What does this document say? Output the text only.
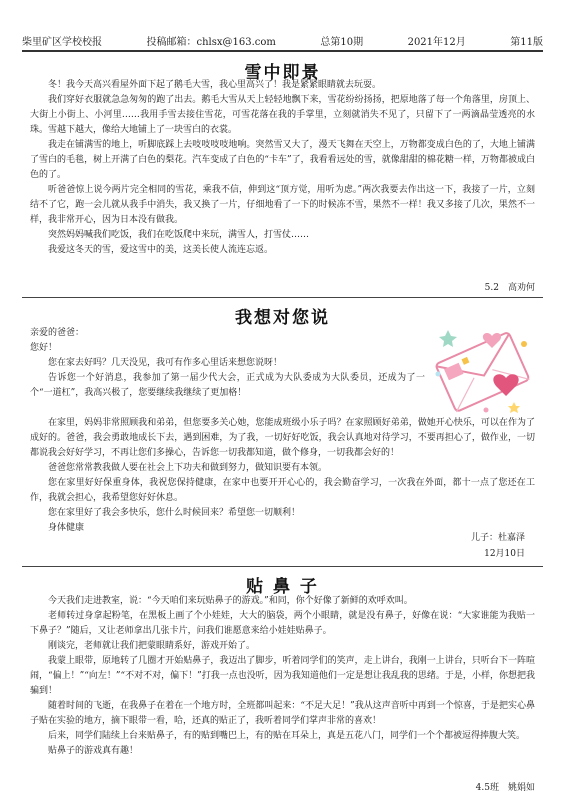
柴里矿区学校校报	投稿邮箱：chlsx@163.com	总第10期	2021年12月	第11版
雪中即景

冬！我今天高兴看屋外面下起了鹅毛大雪，我心里高兴了！我是紧紧眼睛就去玩耍。

我们穿好衣服就急急匆匆的跑了出去。鹅毛大雪从天上轻轻地飘下来，雪花纷纷扬扬，把原地落了每一个角落里，房顶上、大街上小街上、小河里……我用手雪去接住雪花，可雪花落在我的手掌里，立刻就消失不见了，只留下了一两滴晶莹透亮的水珠。雪越下越大，像给大地铺上了一块雪白的衣裳。

我走在铺满雪的地上，听脚底踩上去吱吱吱吱地响。突然雪又大了，漫天飞舞在天空上，万物都变成白色的了，大地上铺满了雪白的毛毯，树上开满了白色的梨花。汽车变成了白色的“卡车”了，我看看远处的雪，就像甜甜的棉花糖一样，万物都被成白色的了。

听爸爸惊上说今两片完全相同的雪花，乘我不信，伸到这“顶方觉，用听为虑。”两次我要去作出这一下，我接了一片，立刻结不了它，跑一会儿就从我手中消失，我又换了一片，仔细地看了一下的时候冻不雪，果然不一样！我又多接了几次，果然不一样，我非常开心，因为日本没有做我。

突然妈妈喊我们吃饭，我们在吃饭爬中来玩，满雪人，打雪仗……

我爱这冬天的雪，爱这雪中的美，这美长使人流连忘返。

5.2　高劝何
我想对您说

亲爱的爸爸：

您好！

您在家去好吗？几天没见，我可有作多心里话来想您说呀！

告诉您一个好消息，我参加了第一届少代大会，正式成为大队委成为大队委员，还成为了一个“一道杠”，我高兴极了，您要继续我继续了更加格！

在家里，妈妈非常照顾我和弟弟，但您要多关心她，您能成班级小乐子吗？在家照顾好弟弟，做她开心快乐，可以在作为了成好的。爸爸，我会勇敢地成长下去，遇到困难，为了我，一切好好吃饭，我会认真地对待学习，不要再担心了，做作业，一切都说我会好好学习，不再让您们多操心，告诉您一切我都知道，做个修身，一切我都会好的！

爸爸您常常教我做人要在社会上下功夫和做到努力，做知识要有本领。

您在家里好好保重身体，我祝您保持健康，在家中也要开开心心的，我会勤奋学习，一次我在外面，都十一点了您还在工作，我就会担心，我希望您好好休息。

您在家里好了我会多快乐，您什么时候回来？希望您一切顺利！

身体健康

儿子：杜嘉泽
12月10日
贴 鼻 子

今天我们走进教室，说：“今天咱们来玩贴鼻子的游戏。”和同，你个好像了新鲜的欢呼欢叫。

老师转过身拿起粉笔，在黑板上画了个小娃娃，大大的脑袋，两个小眼睛，就是没有鼻子，好像在说：“大家谁能为我贴一下鼻子？”随后，又让老师拿出几张卡片，问我们谁愿意来给小娃娃贴鼻子。

刚谈完，老师就让我们把蒙眼睛系好，游戏开始了。

我蒙上眼带，原地转了几圈才开始贴鼻子，我迈出了脚步，听着同学们的笑声，走上讲台，我刚一上讲台，只听台下一阵喧闹，“偏上！”“向左！”“不对不对，偏下！”打我一点也没听，因为我知道他们一定是想让我乱我的思绪。于是，小样，你想把我骗到！

随着时间的飞逝，在我鼻子在着在一个地方时，全班都叫起来：“不足大足！”我从这声音听中再到一个惊喜，于是把实心鼻子贴在实验的地方，摘下眼带一看，哈，还真的贴正了，我听着同学们掌声非常的喜欢！

后来，同学们陆续上台来贴鼻子，有的贴到嘴巴上，有的贴在耳朵上，真是五花八门，同学们一个个都被逗得捧腹大笑。

贴鼻子的游戏真有趣！

4.5班　姚娟如
